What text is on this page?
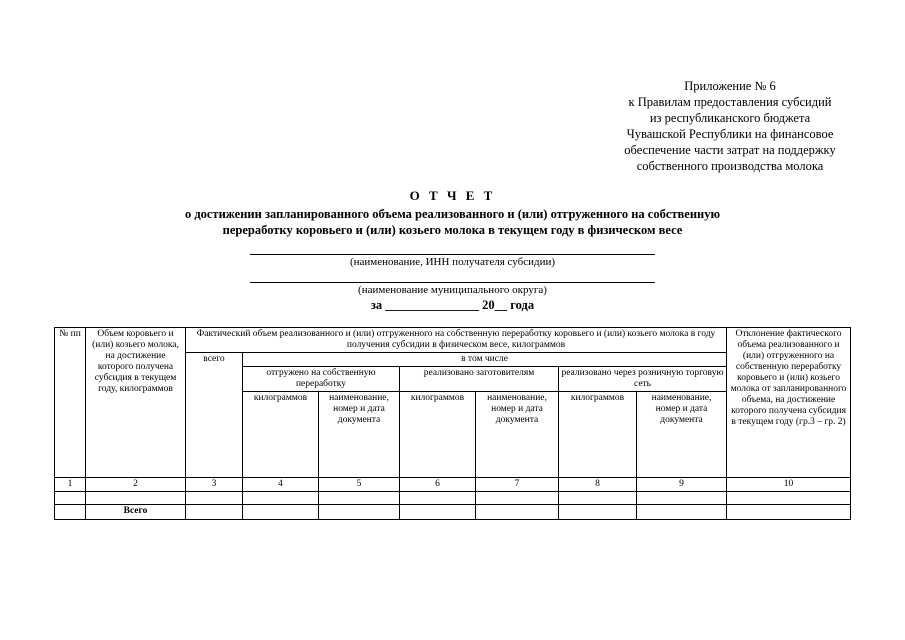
Приложение № 6
к Правилам предоставления субсидий
из республиканского бюджета
Чувашской Республики на финансовое
обеспечение части затрат на поддержку
собственного производства молока
О Т Ч Е Т
о достижении запланированного объема реализованного и (или) отгруженного на собственную
переработку коровьего и (или) козьего молока в текущем году в физическом весе
(наименование, ИНН получателя субсидии)
(наименование муниципального округа)
за _______________ 20__ года
№ пп	Объем коровьего и (или) козьего молока, на достижение которого получена субсидия в текущем году, килограммов	Фактический объем реализованного и (или) отгруженного на собственную переработку коровьего и (или) козьего молока в году получения субсидии в физическом весе, килограммов							Отклонение фактического объема реализованного и (или) отгруженного на собственную переработку коровьего и (или) козьего молока от запланированного объема, на достижение которого получена субсидия в текущем году (гр.3 – гр. 2)
		всего	в том числе						
			отгружено на собственную переработку		реализовано заготовителям		реализовано через розничную торговую сеть		
			килограммов	наименование, номер и дата документа	килограммов	наименование, номер и дата документа	килограммов	наименование, номер и дата документа	
1	2	3	4	5	6	7	8	9	10

	Всего								
